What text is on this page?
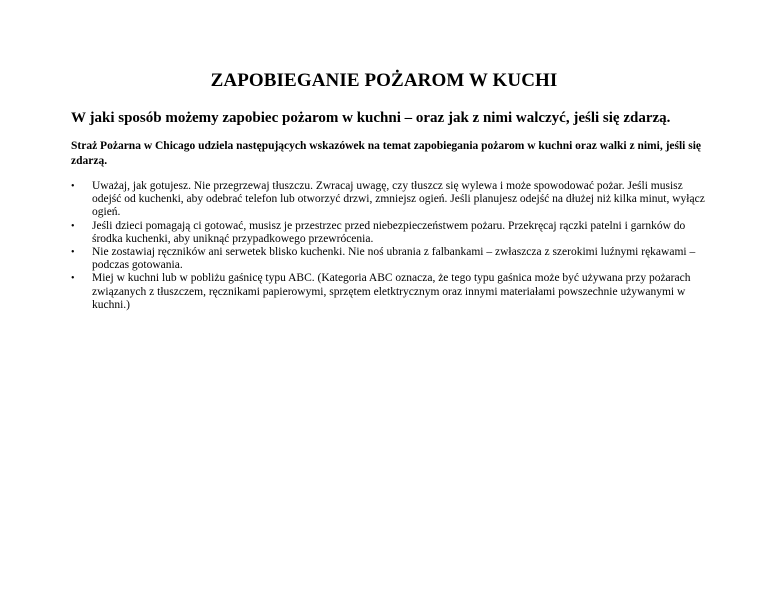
ZAPOBIEGANIE POŻAROM W KUCHI
W jaki sposób możemy zapobiec pożarom w kuchni – oraz jak z nimi walczyć, jeśli się zdarzą.
Straż Pożarna w Chicago udziela następujących wskazówek na temat zapobiegania pożarom w kuchni oraz walki z nimi, jeśli się zdarzą.
•	Uważaj, jak gotujesz. Nie przegrzewaj tłuszczu. Zwracaj uwagę, czy tłuszcz się wylewa i może spowodować pożar. Jeśli musisz odejść od kuchenki, aby odebrać telefon lub otworzyć drzwi, zmniejsz ogień. Jeśli planujesz odejść na dłużej niż kilka minut, wyłącz ogień.
•	Jeśli dzieci pomagają ci gotować, musisz je przestrzec przed niebezpieczeństwem pożaru. Przekręcaj rączki patelni i garnków do środka kuchenki, aby uniknąć przypadkowego przewrócenia.
•	Nie zostawiaj ręczników ani serwetek blisko kuchenki. Nie noś ubrania z falbankami – zwłaszcza z szerokimi luźnymi rękawami – podczas gotowania.
•	Miej w kuchni lub w pobliżu gaśnicę typu ABC. (Kategoria ABC oznacza, że tego typu gaśnica może być używana przy pożarach związanych z tłuszczem, ręcznikami papierowymi, sprzętem eletktrycznym oraz innymi materiałami powszechnie używanymi w kuchni.)
